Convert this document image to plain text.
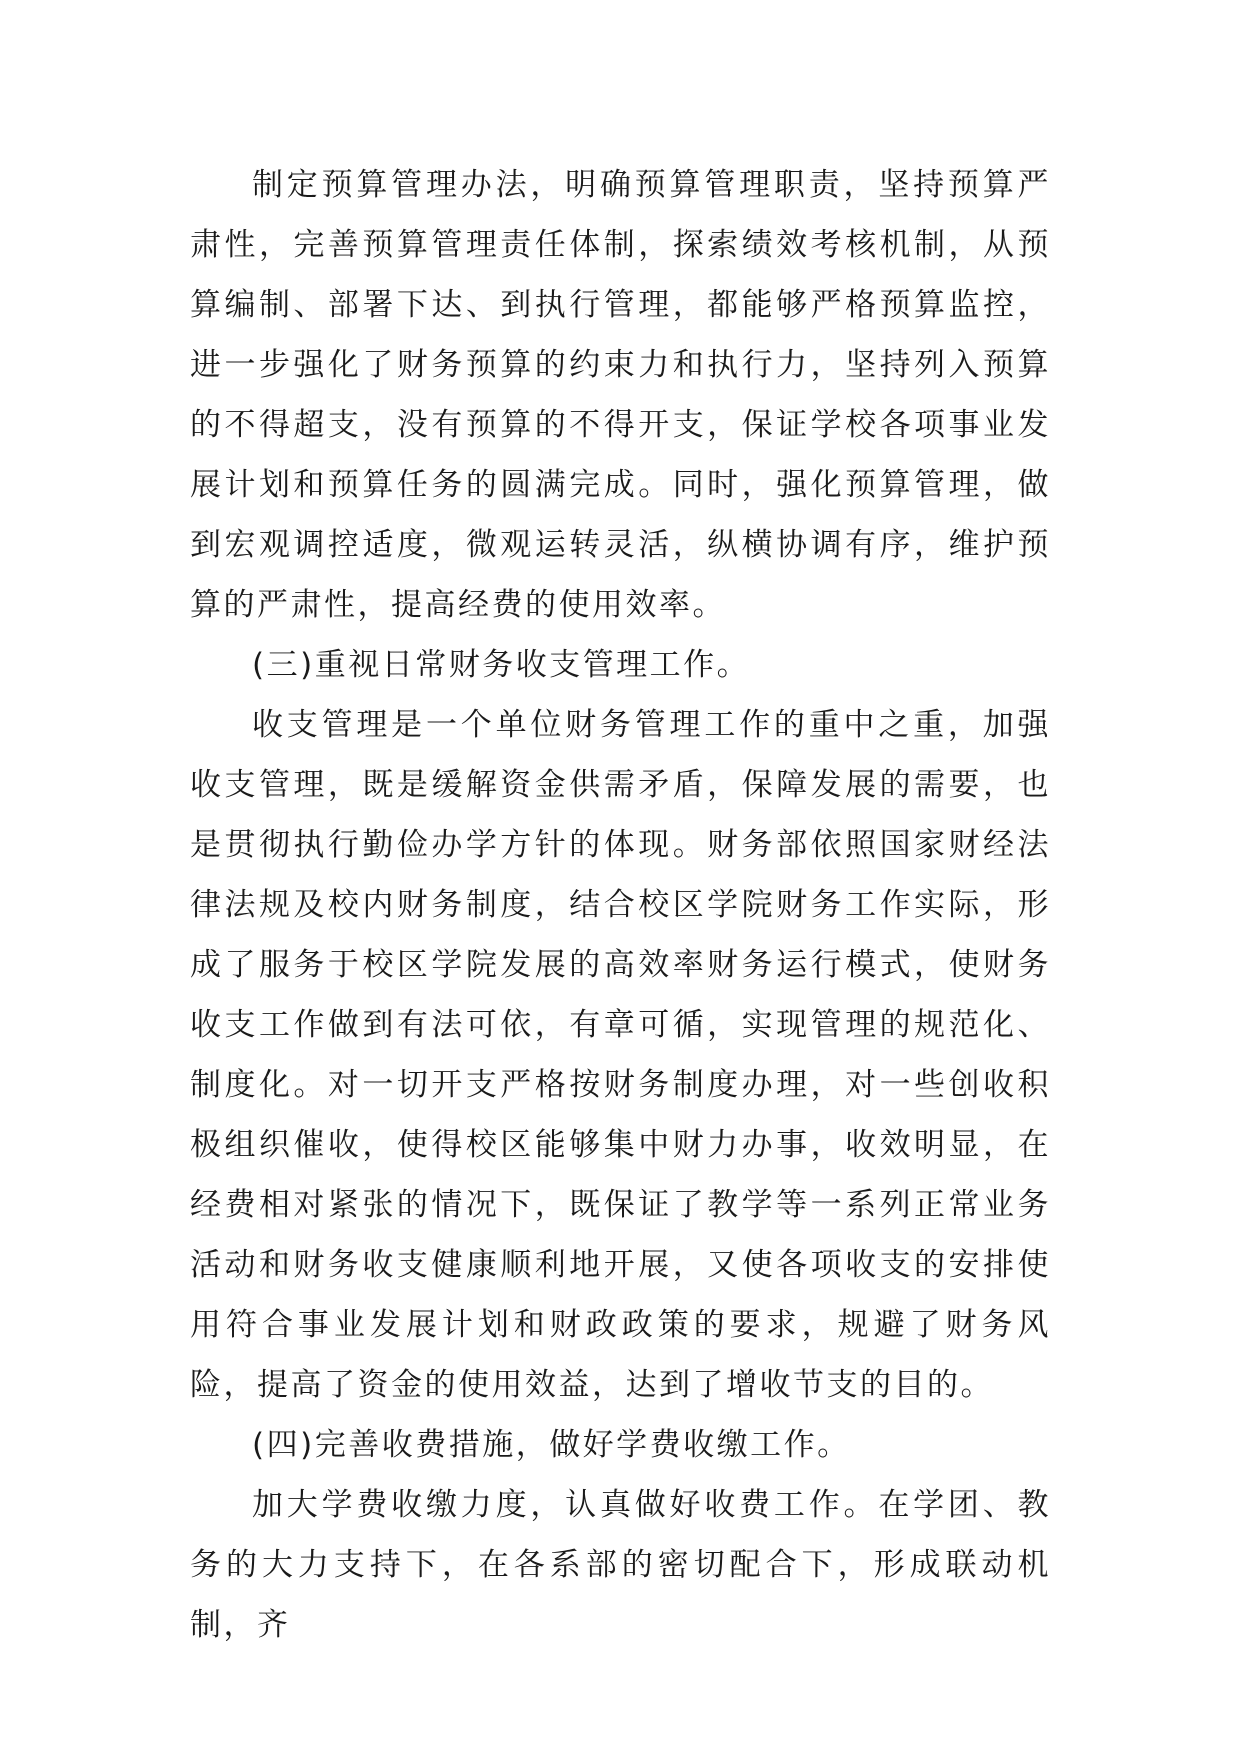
制定预算管理办法，明确预算管理职责，坚持预算严肃性，完善预算管理责任体制，探索绩效考核机制，从预算编制、部署下达、到执行管理，都能够严格预算监控，进一步强化了财务预算的约束力和执行力，坚持列入预算的不得超支，没有预算的不得开支，保证学校各项事业发展计划和预算任务的圆满完成。同时，强化预算管理，做到宏观调控适度，微观运转灵活，纵横协调有序，维护预算的严肃性，提高经费的使用效率。

(三)重视日常财务收支管理工作。

收支管理是一个单位财务管理工作的重中之重，加强收支管理，既是缓解资金供需矛盾，保障发展的需要，也是贯彻执行勤俭办学方针的体现。财务部依照国家财经法律法规及校内财务制度，结合校区学院财务工作实际，形成了服务于校区学院发展的高效率财务运行模式，使财务收支工作做到有法可依，有章可循，实现管理的规范化、制度化。对一切开支严格按财务制度办理，对一些创收积极组织催收，使得校区能够集中财力办事，收效明显，在经费相对紧张的情况下，既保证了教学等一系列正常业务活动和财务收支健康顺利地开展，又使各项收支的安排使用符合事业发展计划和财政政策的要求，规避了财务风险，提高了资金的使用效益，达到了增收节支的目的。

(四)完善收费措施，做好学费收缴工作。

加大学费收缴力度，认真做好收费工作。在学团、教务的大力支持下，在各系部的密切配合下，形成联动机制，齐
